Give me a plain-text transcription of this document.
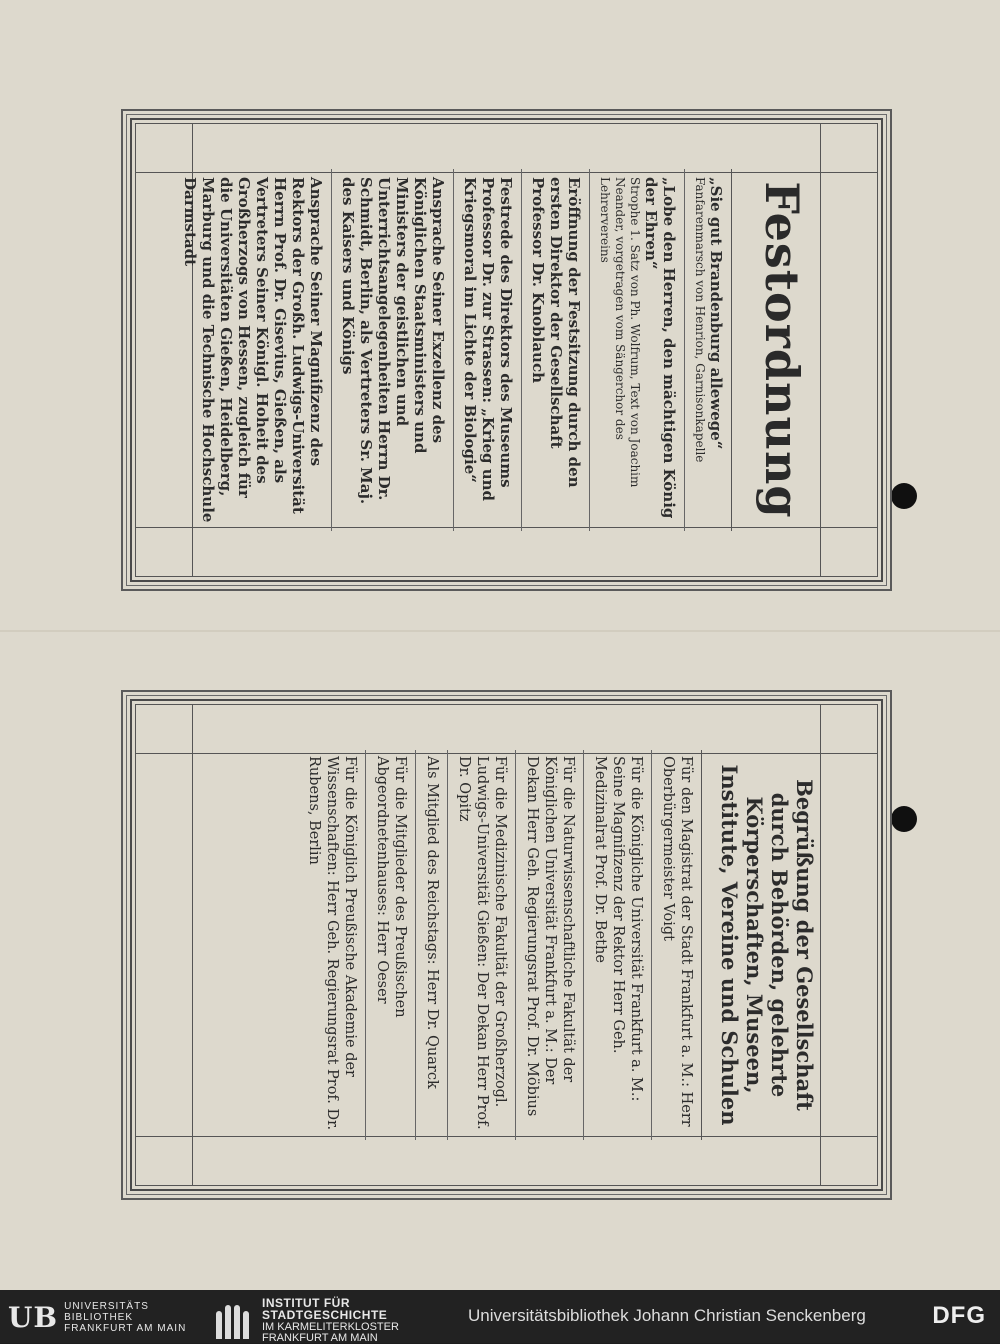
Festordnung
„Sie gut Brandenburg allewege“
Fanfarenmarsch von Henrion, Garnisonkapelle
„Lobe den Herren, den mächtigen König der Ehren“
Strophe 1. Satz von Ph. Wolfrum, Text von Joachim Neander, vorgetragen vom Sängerchor des Lehrervereins
Eröffnung der Festsitzung durch den ersten Direktor der Gesellschaft Professor Dr. Knoblauch
Festrede des Direktors des Museums Professor Dr. zur Strassen: „Krieg und Kriegsmoral im Lichte der Biologie“
Ansprache Seiner Exzellenz des Königlichen Staatsministers und Ministers der geistlichen und Unterrichtsangelegenheiten Herrn Dr. Schmidt, Berlin, als Vertreters Sr. Maj. des Kaisers und Königs
Ansprache Seiner Magnifizenz des Rektors der Großh. Ludwigs-Universität Herrn Prof. Dr. Gisevius, Gießen, als Vertreters Seiner Königl. Hoheit des Großherzogs von Hessen, zugleich für die Universitäten Gießen, Heidelberg, Marburg und die Technische Hochschule Darmstadt
Begrüßung der Gesellschaft durch Behörden, gelehrte Körperschaften, Museen, Institute, Vereine und Schulen
Für den Magistrat der Stadt Frankfurt a. M.: Herr Oberbürgermeister Voigt
Für die Königliche Universität Frankfurt a. M.: Seine Magnifizenz der Rektor Herr Geh. Medizinalrat Prof. Dr. Bethe
Für die Naturwissenschaftliche Fakultät der Königlichen Universität Frankfurt a. M.: Der Dekan Herr Geh. Regierungsrat Prof. Dr. Möbius
Für die Medizinische Fakultät der Großherzogl. Ludwigs-Universität Gießen: Der Dekan Herr Prof. Dr. Opitz
Als Mitglied des Reichstags: Herr Dr. Quarck
Für die Mitglieder des Preußischen Abgeordnetenhauses: Herr Oeser
Für die Königlich Preußische Akademie der Wissenschaften: Herr Geh. Regierungsrat Prof. Dr. Rubens, Berlin
UB UNIVERSITÄTS
BIBLIOTHEK
FRANKFURT AM MAIN
INSTITUT FÜR
STADTGESCHICHTE
IM KARMELITERKLOSTER
FRANKFURT AM MAIN
Universitätsbibliothek Johann Christian Senckenberg	DFG
